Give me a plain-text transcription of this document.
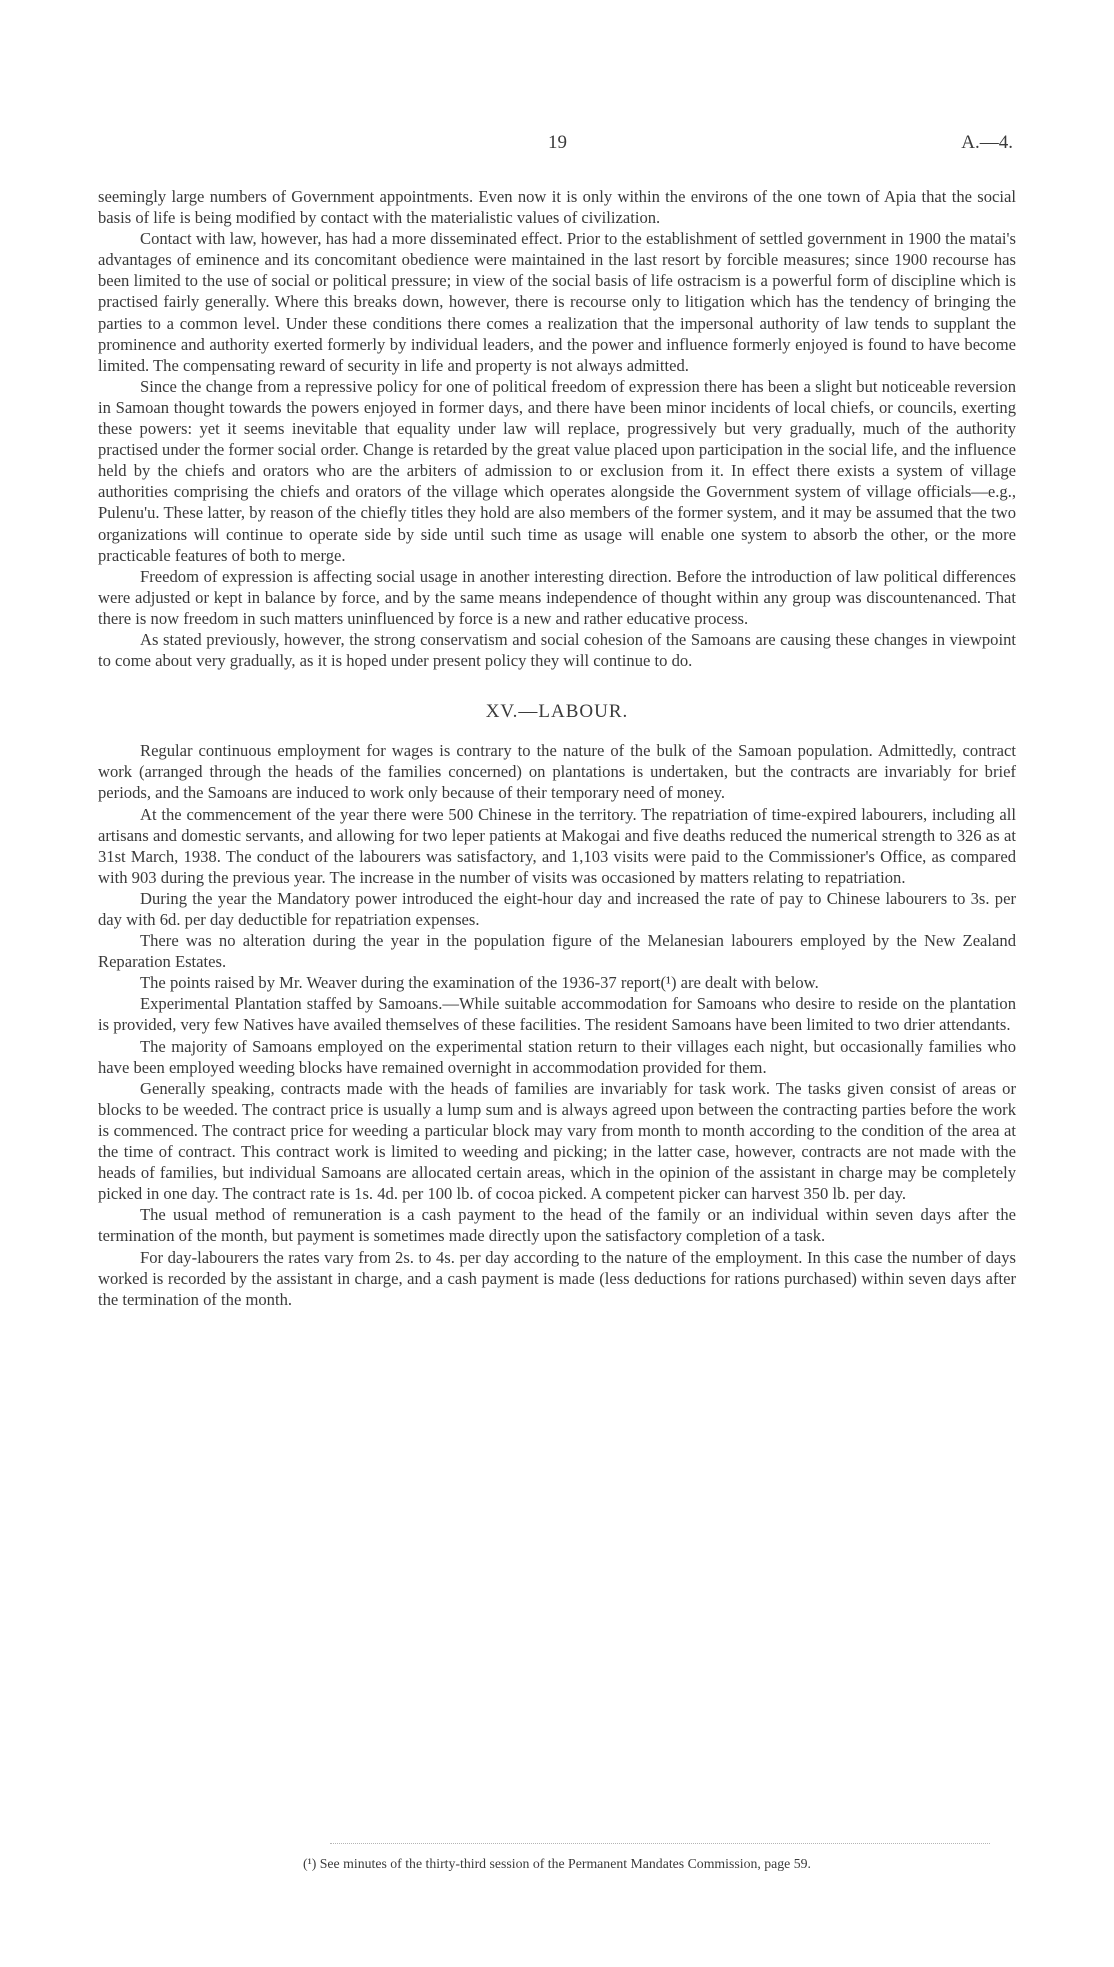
19	A.—4.

seemingly large numbers of Government appointments. Even now it is only within the environs of the one town of Apia that the social basis of life is being modified by contact with the materialistic values of civilization.

Contact with law, however, has had a more disseminated effect. Prior to the establishment of settled government in 1900 the matai's advantages of eminence and its concomitant obedience were maintained in the last resort by forcible measures; since 1900 recourse has been limited to the use of social or political pressure; in view of the social basis of life ostracism is a powerful form of discipline which is practised fairly generally. Where this breaks down, however, there is recourse only to litigation which has the tendency of bringing the parties to a common level. Under these conditions there comes a realization that the impersonal authority of law tends to supplant the prominence and authority exerted formerly by individual leaders, and the power and influence formerly enjoyed is found to have become limited. The compensating reward of security in life and property is not always admitted.

Since the change from a repressive policy for one of political freedom of expression there has been a slight but noticeable reversion in Samoan thought towards the powers enjoyed in former days, and there have been minor incidents of local chiefs, or councils, exerting these powers: yet it seems inevitable that equality under law will replace, progressively but very gradually, much of the authority practised under the former social order. Change is retarded by the great value placed upon participation in the social life, and the influence held by the chiefs and orators who are the arbiters of admission to or exclusion from it. In effect there exists a system of village authorities comprising the chiefs and orators of the village which operates alongside the Government system of village officials—e.g., Pulenu'u. These latter, by reason of the chiefly titles they hold are also members of the former system, and it may be assumed that the two organizations will continue to operate side by side until such time as usage will enable one system to absorb the other, or the more practicable features of both to merge.

Freedom of expression is affecting social usage in another interesting direction. Before the introduction of law political differences were adjusted or kept in balance by force, and by the same means independence of thought within any group was discountenanced. That there is now freedom in such matters uninfluenced by force is a new and rather educative process.

As stated previously, however, the strong conservatism and social cohesion of the Samoans are causing these changes in viewpoint to come about very gradually, as it is hoped under present policy they will continue to do.

XV.—LABOUR.

Regular continuous employment for wages is contrary to the nature of the bulk of the Samoan population. Admittedly, contract work (arranged through the heads of the families concerned) on plantations is undertaken, but the contracts are invariably for brief periods, and the Samoans are induced to work only because of their temporary need of money.

At the commencement of the year there were 500 Chinese in the territory. The repatriation of time-expired labourers, including all artisans and domestic servants, and allowing for two leper patients at Makogai and five deaths reduced the numerical strength to 326 as at 31st March, 1938. The conduct of the labourers was satisfactory, and 1,103 visits were paid to the Commissioner's Office, as compared with 903 during the previous year. The increase in the number of visits was occasioned by matters relating to repatriation.

During the year the Mandatory power introduced the eight-hour day and increased the rate of pay to Chinese labourers to 3s. per day with 6d. per day deductible for repatriation expenses.

There was no alteration during the year in the population figure of the Melanesian labourers employed by the New Zealand Reparation Estates.

The points raised by Mr. Weaver during the examination of the 1936-37 report(¹) are dealt with below.

Experimental Plantation staffed by Samoans.—While suitable accommodation for Samoans who desire to reside on the plantation is provided, very few Natives have availed themselves of these facilities. The resident Samoans have been limited to two drier attendants.

The majority of Samoans employed on the experimental station return to their villages each night, but occasionally families who have been employed weeding blocks have remained overnight in accommodation provided for them.

Generally speaking, contracts made with the heads of families are invariably for task work. The tasks given consist of areas or blocks to be weeded. The contract price is usually a lump sum and is always agreed upon between the contracting parties before the work is commenced. The contract price for weeding a particular block may vary from month to month according to the condition of the area at the time of contract. This contract work is limited to weeding and picking; in the latter case, however, contracts are not made with the heads of families, but individual Samoans are allocated certain areas, which in the opinion of the assistant in charge may be completely picked in one day. The contract rate is 1s. 4d. per 100 lb. of cocoa picked. A competent picker can harvest 350 lb. per day.

The usual method of remuneration is a cash payment to the head of the family or an individual within seven days after the termination of the month, but payment is sometimes made directly upon the satisfactory completion of a task.

For day-labourers the rates vary from 2s. to 4s. per day according to the nature of the employment. In this case the number of days worked is recorded by the assistant in charge, and a cash payment is made (less deductions for rations purchased) within seven days after the termination of the month.

(¹) See minutes of the thirty-third session of the Permanent Mandates Commission, page 59.
